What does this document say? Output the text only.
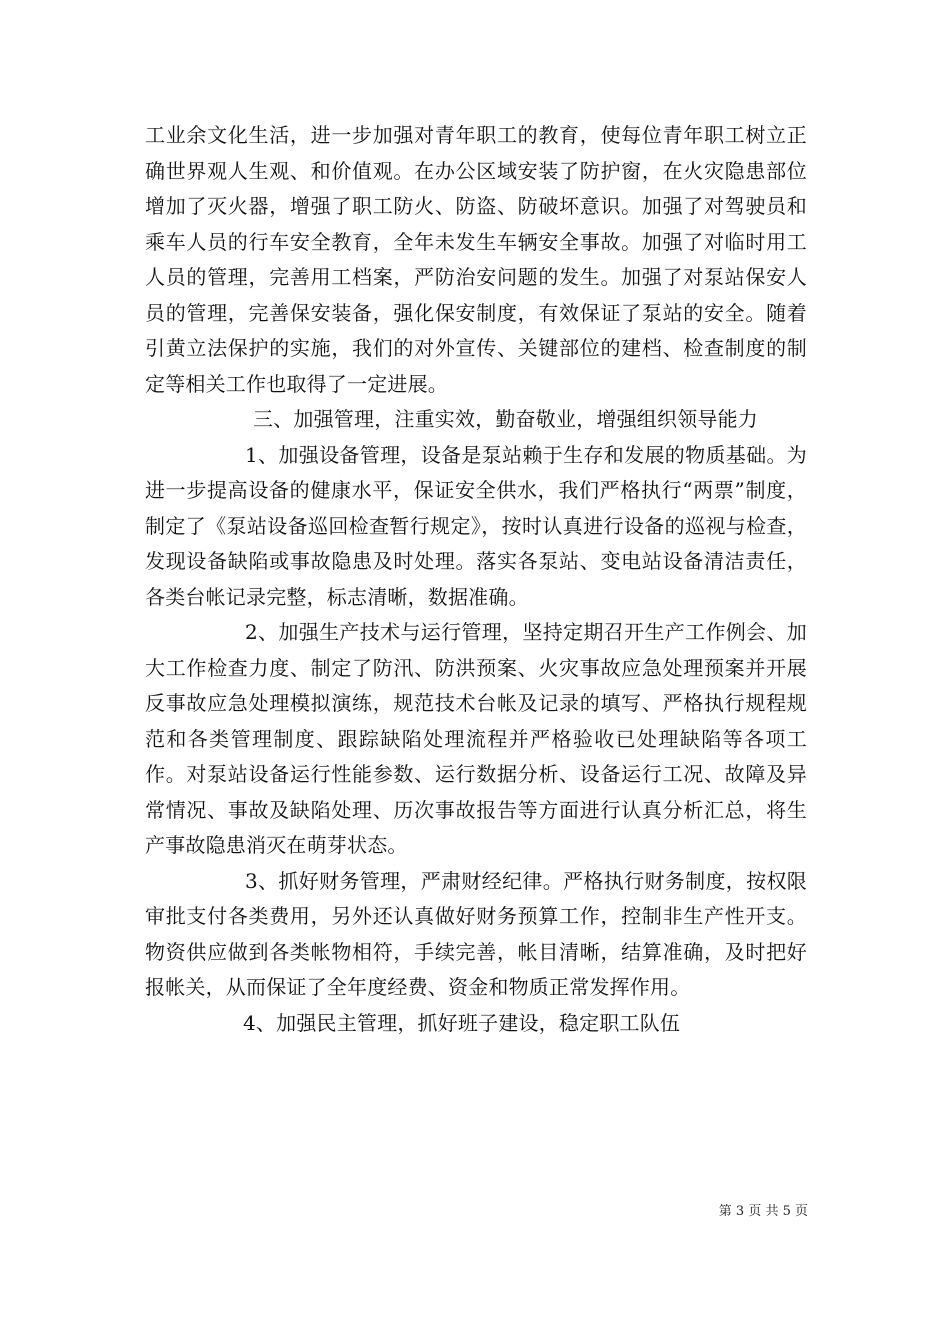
工业余文化生活，进一步加强对青年职工的教育，使每位青年职工树立正确世界观人生观、和价值观。在办公区域安装了防护窗，在火灾隐患部位增加了灭火器，增强了职工防火、防盗、防破坏意识。加强了对驾驶员和乘车人员的行车安全教育，全年未发生车辆安全事故。加强了对临时用工人员的管理，完善用工档案，严防治安问题的发生。加强了对泵站保安人员的管理，完善保安装备，强化保安制度，有效保证了泵站的安全。随着引黄立法保护的实施，我们的对外宣传、关键部位的建档、检查制度的制定等相关工作也取得了一定进展。

三、加强管理，注重实效，勤奋敬业，增强组织领导能力

1、加强设备管理，设备是泵站赖于生存和发展的物质基础。为进一步提高设备的健康水平，保证安全供水，我们严格执行“两票”制度，制定了《泵站设备巡回检查暂行规定》，按时认真进行设备的巡视与检查，发现设备缺陷或事故隐患及时处理。落实各泵站、变电站设备清洁责任，各类台帐记录完整，标志清晰，数据准确。

2、加强生产技术与运行管理，坚持定期召开生产工作例会、加大工作检查力度、制定了防汛、防洪预案、火灾事故应急处理预案并开展反事故应急处理模拟演练，规范技术台帐及记录的填写、严格执行规程规范和各类管理制度、跟踪缺陷处理流程并严格验收已处理缺陷等各项工作。对泵站设备运行性能参数、运行数据分析、设备运行工况、故障及异常情况、事故及缺陷处理、历次事故报告等方面进行认真分析汇总，将生产事故隐患消灭在萌芽状态。

3、抓好财务管理，严肃财经纪律。严格执行财务制度，按权限审批支付各类费用，另外还认真做好财务预算工作，控制非生产性开支。物资供应做到各类帐物相符，手续完善，帐目清晰，结算准确，及时把好报帐关，从而保证了全年度经费、资金和物质正常发挥作用。

4、加强民主管理，抓好班子建设，稳定职工队伍

第 3 页 共 5 页
